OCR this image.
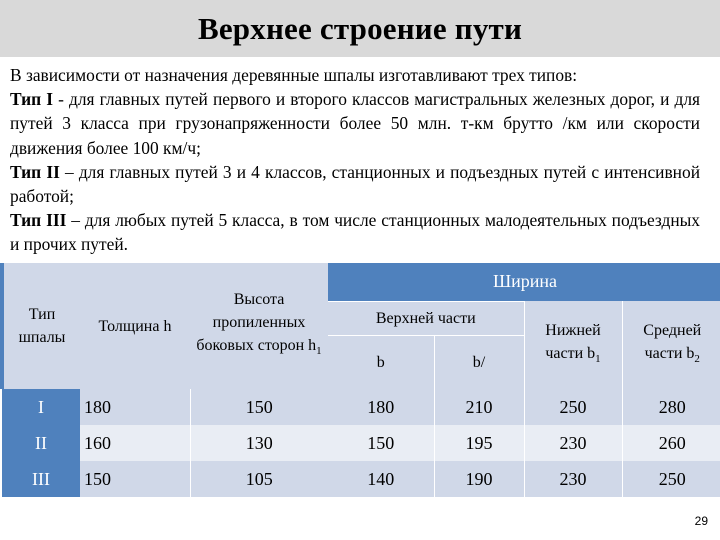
Верхнее строение пути

В зависимости от назначения деревянные шпалы изготавливают трех типов:

Тип I - для главных путей первого и второго классов магистральных железных дорог, и для путей 3 класса при грузонапряженности более 50 млн. т-км брутто /км или скорости движения более 100 км/ч;

Тип II – для главных путей 3 и 4 классов, станционных и подъездных путей с интенсивной работой;

Тип III – для любых путей 5 класса, в том числе станционных малодеятельных подъездных и прочих путей.

Тип шпалы	Толщина h	Высота пропиленных боковых сторон $h_1$	Ширина			
			Верхней части		Нижней части $b_1$	Средней части $b_2$
			b	b/		
I	180	150	180	210	250	280
II	160	130	150	195	230	260
III	150	105	140	190	230	250
29
